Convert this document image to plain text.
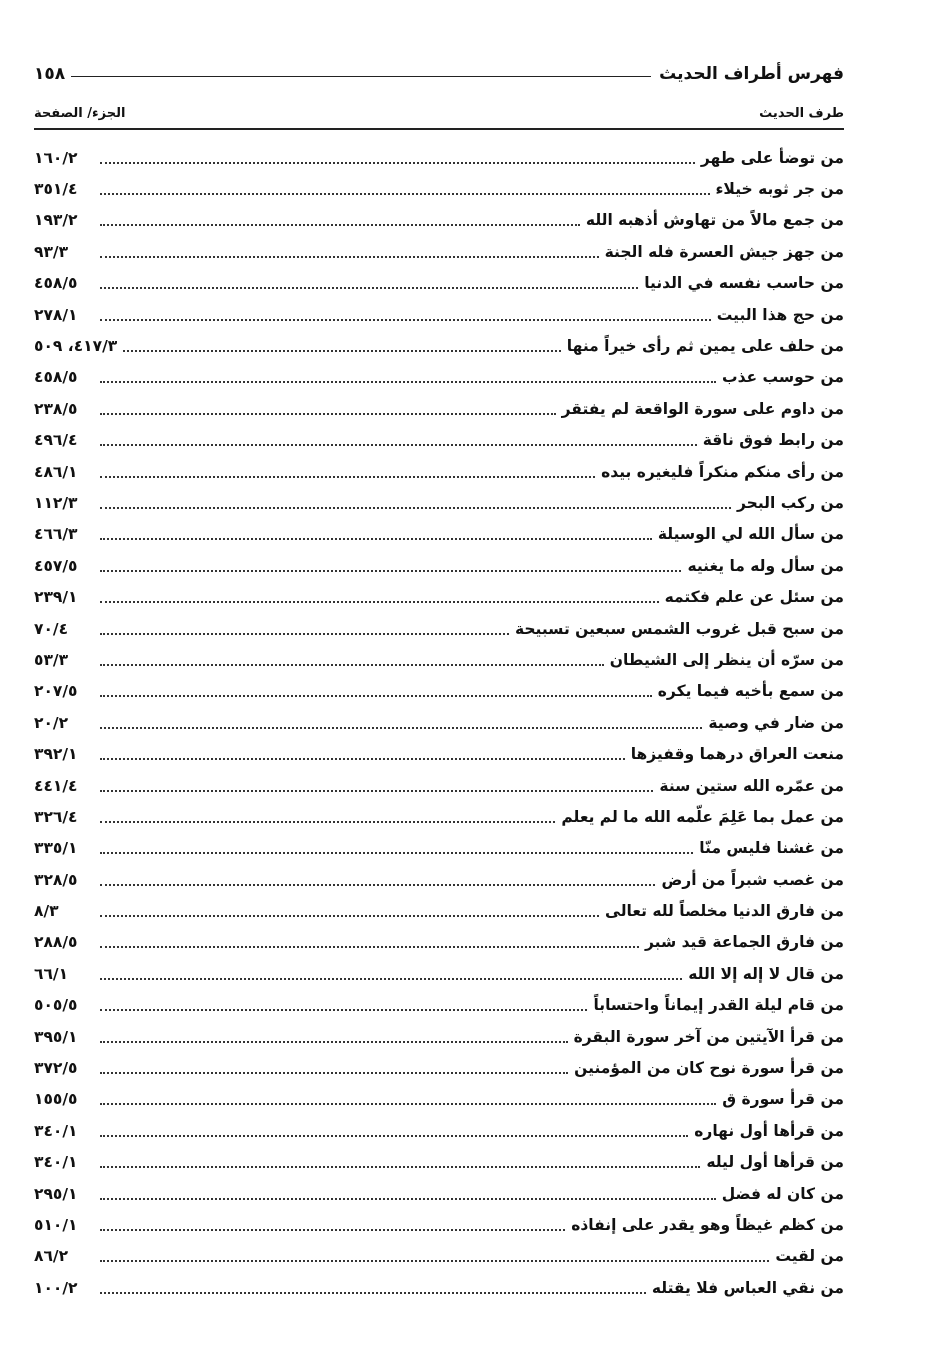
فهرس أطراف الحديث
١٥٨
طرف الحديث
الجزء/ الصفحة
من توضأ على طهر
١٦٠/٢
من جر ثوبه خيلاء
٣٥١/٤
من جمع مالاً من تهاوش أذهبه الله
١٩٣/٢
من جهز جيش العسرة فله الجنة
٩٣/٣
من حاسب نفسه في الدنيا
٤٥٨/٥
من حج هذا البيت
٢٧٨/١
من حلف على يمين ثم رأى خيراً منها
٤١٧/٣، ٥٠٩
من حوسب عذب
٤٥٨/٥
من داوم على سورة الواقعة لم يفتقر
٢٣٨/٥
من رابط فوق ناقة
٤٩٦/٤
من رأى منكم منكراً فليغيره بيده
٤٨٦/١
من ركب البحر
١١٢/٣
من سأل الله لي الوسيلة
٤٦٦/٣
من سأل وله ما يغنيه
٤٥٧/٥
من سئل عن علم فكتمه
٢٣٩/١
من سبح قبل غروب الشمس سبعين تسبيحة
٧٠/٤
من سرّه أن ينظر إلى الشيطان
٥٣/٣
من سمع بأخيه فيما يكره
٢٠٧/٥
من ضار في وصية
٢٠/٢
منعت العراق درهما وقفيزها
٣٩٢/١
من عمّره الله ستين سنة
٤٤١/٤
من عمل بما عَلِمَ علّمه الله ما لم يعلم
٣٢٦/٤
من غشنا فليس منّا
٣٣٥/١
من غصب شبراً من أرض
٣٢٨/٥
من فارق الدنيا مخلصاً لله تعالى
٨/٣
من فارق الجماعة قيد شبر
٢٨٨/٥
من قال لا إله إلا الله
٦٦/١
من قام ليلة القدر إيماناً واحتساباً
٥٠٥/٥
من قرأ الآيتين من آخر سورة البقرة
٣٩٥/١
من قرأ سورة نوح كان من المؤمنين
٣٧٢/٥
من قرأ سورة ق
١٥٥/٥
من قرأها أول نهاره
٣٤٠/١
من قرأها أول ليله
٣٤٠/١
من كان له فضل
٢٩٥/١
من كظم غيظاً وهو يقدر على إنفاذه
٥١٠/١
من لقيت
٨٦/٢
من نقي العباس فلا يقتله
١٠٠/٢
